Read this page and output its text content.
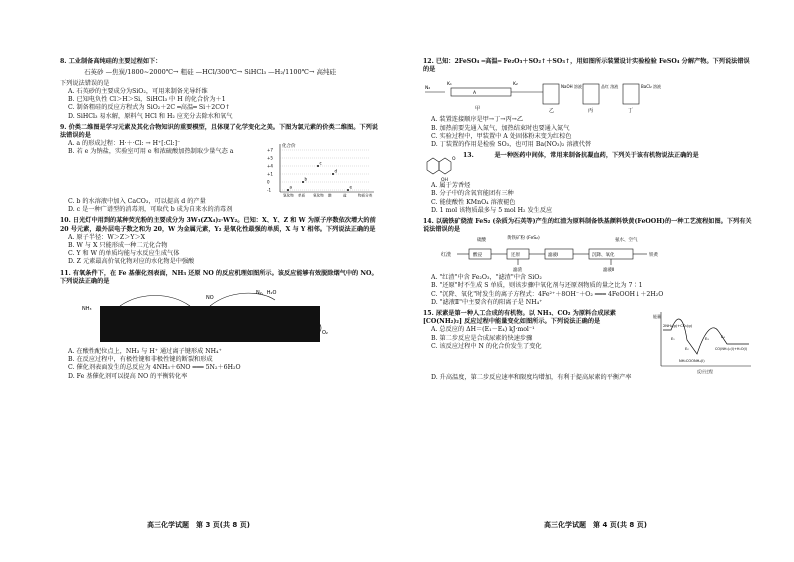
8. 工业制备高纯硅的主要过程如下：
石英砂 —焦炭/1800~2000℃→ 粗硅 —HCl/300℃→ SiHCl₃ —H₂/1100℃→ 高纯硅
下列说法错误的是
A. 石英砂的主要成分为SiO₂，可用来制备光导纤维
B. 已知电负性 Cl＞H＞Si，SiHCl₃ 中 H 的化合价为＋1
C. 制备粗硅的反应方程式为 SiO₂＋2C ═高温═ Si＋2CO↑
D. SiHCl₃ 易水解，原料气 HCl 和 H₂ 应充分去除水和氧气
9. 价类二维图是学习元素及其化合物知识的重要模型，且体现了化学变化之美。下图为氯元素的价类二维图。下列说法错误的是
A. a 的形成过程：H·＋·Cl: → H⁺[:Cl:]⁻
B. 若 e 为钠盐，实验室可用 e 和浓硫酸加热制取少量气态 a
化合价
+7
+5
+4
+1
0
-1
氢化物 单质 氧化物 酸	盐	物质分类
a
b
c
d
e
C. b 的水溶液中加入 CaCO₃，可以提高 d 的产量
D. c 是一种广谱型的消毒剂，可取代 b 成为自来水的消毒剂
10. 日光灯中用到的某种荧光粉的主要成分为 3W₃(ZX₄)₂·WY₂。已知：X、Y、Z 和 W 为原子序数依次增大的前 20 号元素，最外层电子数之和为 20，W 为金属元素，Y₂ 是氧化性最强的单质，X 与 Y 相邻。下列说法正确的是
A. 原子半径：W＞Z＞Y＞X
B. W 与 X 只能形成一种二元化合物
C. Y 和 W 的单质均能与水反应生成气体
D. Z 元素最高价氧化物对应的水化物是中强酸
11. 有氧条件下，在 Fe 基催化剂表面，NH₃ 还原 NO 的反应机理如图所示。该反应能够有效脱除烟气中的 NO。下列说法正确的是
N₂，H₂O
NO
NH₃
O₂
A. 在酸性配位点上，NH₃ 与 H⁺ 通过离子键形成 NH₄⁺
B. 在反应过程中，有极性键和非极性键的断裂和形成
C. 催化剂表面发生的总反应为 4NH₃＋6NO ═══ 5N₂＋6H₂O
D. Fe 基催化剂可以提高 NO 的平衡转化率
高三化学试题　第 3 页(共 8 页)
12. 已知：2FeSO₄ ═高温═ Fe₂O₃＋SO₂↑＋SO₃↑，用如图所示装置设计实验检验 FeSO₄ 分解产物。下列说法错误的是
N₂
K₁
A
K₂
甲
NaOH 溶液
乙
品红 溶液
丙
BaCl₂ 溶液
丁
A. 装置连接顺序是甲→丁→丙→乙
B. 加热前要先通入氮气，加热结束时也要通入氮气
C. 实验过程中，甲装置中 A 处固体粉末变为红棕色
D. 丁装置的作用是检验 SO₃，也可用 Ba(NO₃)₂ 溶液代替
O
OH
13. 　　　是一种医药中间体，常用来制备抗凝血药，下列关于该有机物说法正确的是
A. 属于芳香烃
B. 分子中的含氧官能团有三种
C. 能使酸性 KMnO₄ 溶液褪色
D. 1 mol 该物质最多与 5 mol H₂ 发生反应
14. 以硫铁矿烧渣 FeS₂ (杂质为石英等)产生的红渣为原料制备铁基颜料铁黄(FeOOH)的一种工艺流程如图。下列有关说法错误的是
硫酸	黄铁矿粉 (FeS₂)	氨水、空气
红渣	酸浸	还原	滤液Ⅰ	沉降、氧化	铁黄
滤渣	滤液Ⅱ
A. "红渣"中含 Fe₂O₃，"滤渣"中含 SiO₂
B. "还原"时不生成 S 单质，则该步骤中氧化剂与还原剂物质的量之比为 7∶1
C. "沉降、氧化"时发生的离子方程式：4Fe²⁺＋8OH⁻＋O₂ ═══ 4FeOOH↓＋2H₂O
D. "滤液Ⅱ"中主要含有的阳离子是 NH₄⁺
15. 尿素是第一种人工合成的有机物。以 NH₃、CO₂ 为原料合成尿素 [CO(NH₂)₂] 反应过程中能量变化如图所示。下列说法正确的是
A. 总反应的 ΔH＝(E₁－E₄) kJ·mol⁻¹
B. 第二步反应是合成尿素的快速步骤
C. 该反应过程中 N 的化合价发生了变化
能量
反应过程
2NH₃(g)+CO₂(g)
E₁
E₂
E₃	E₄
NH₂COONH₄(l)
CO(NH₂)₂(l)+H₂O(l)
D. 升高温度，第二步反应速率和限度均增加，有利于提高尿素的平衡产率
高三化学试题　第 4 页(共 8 页)
